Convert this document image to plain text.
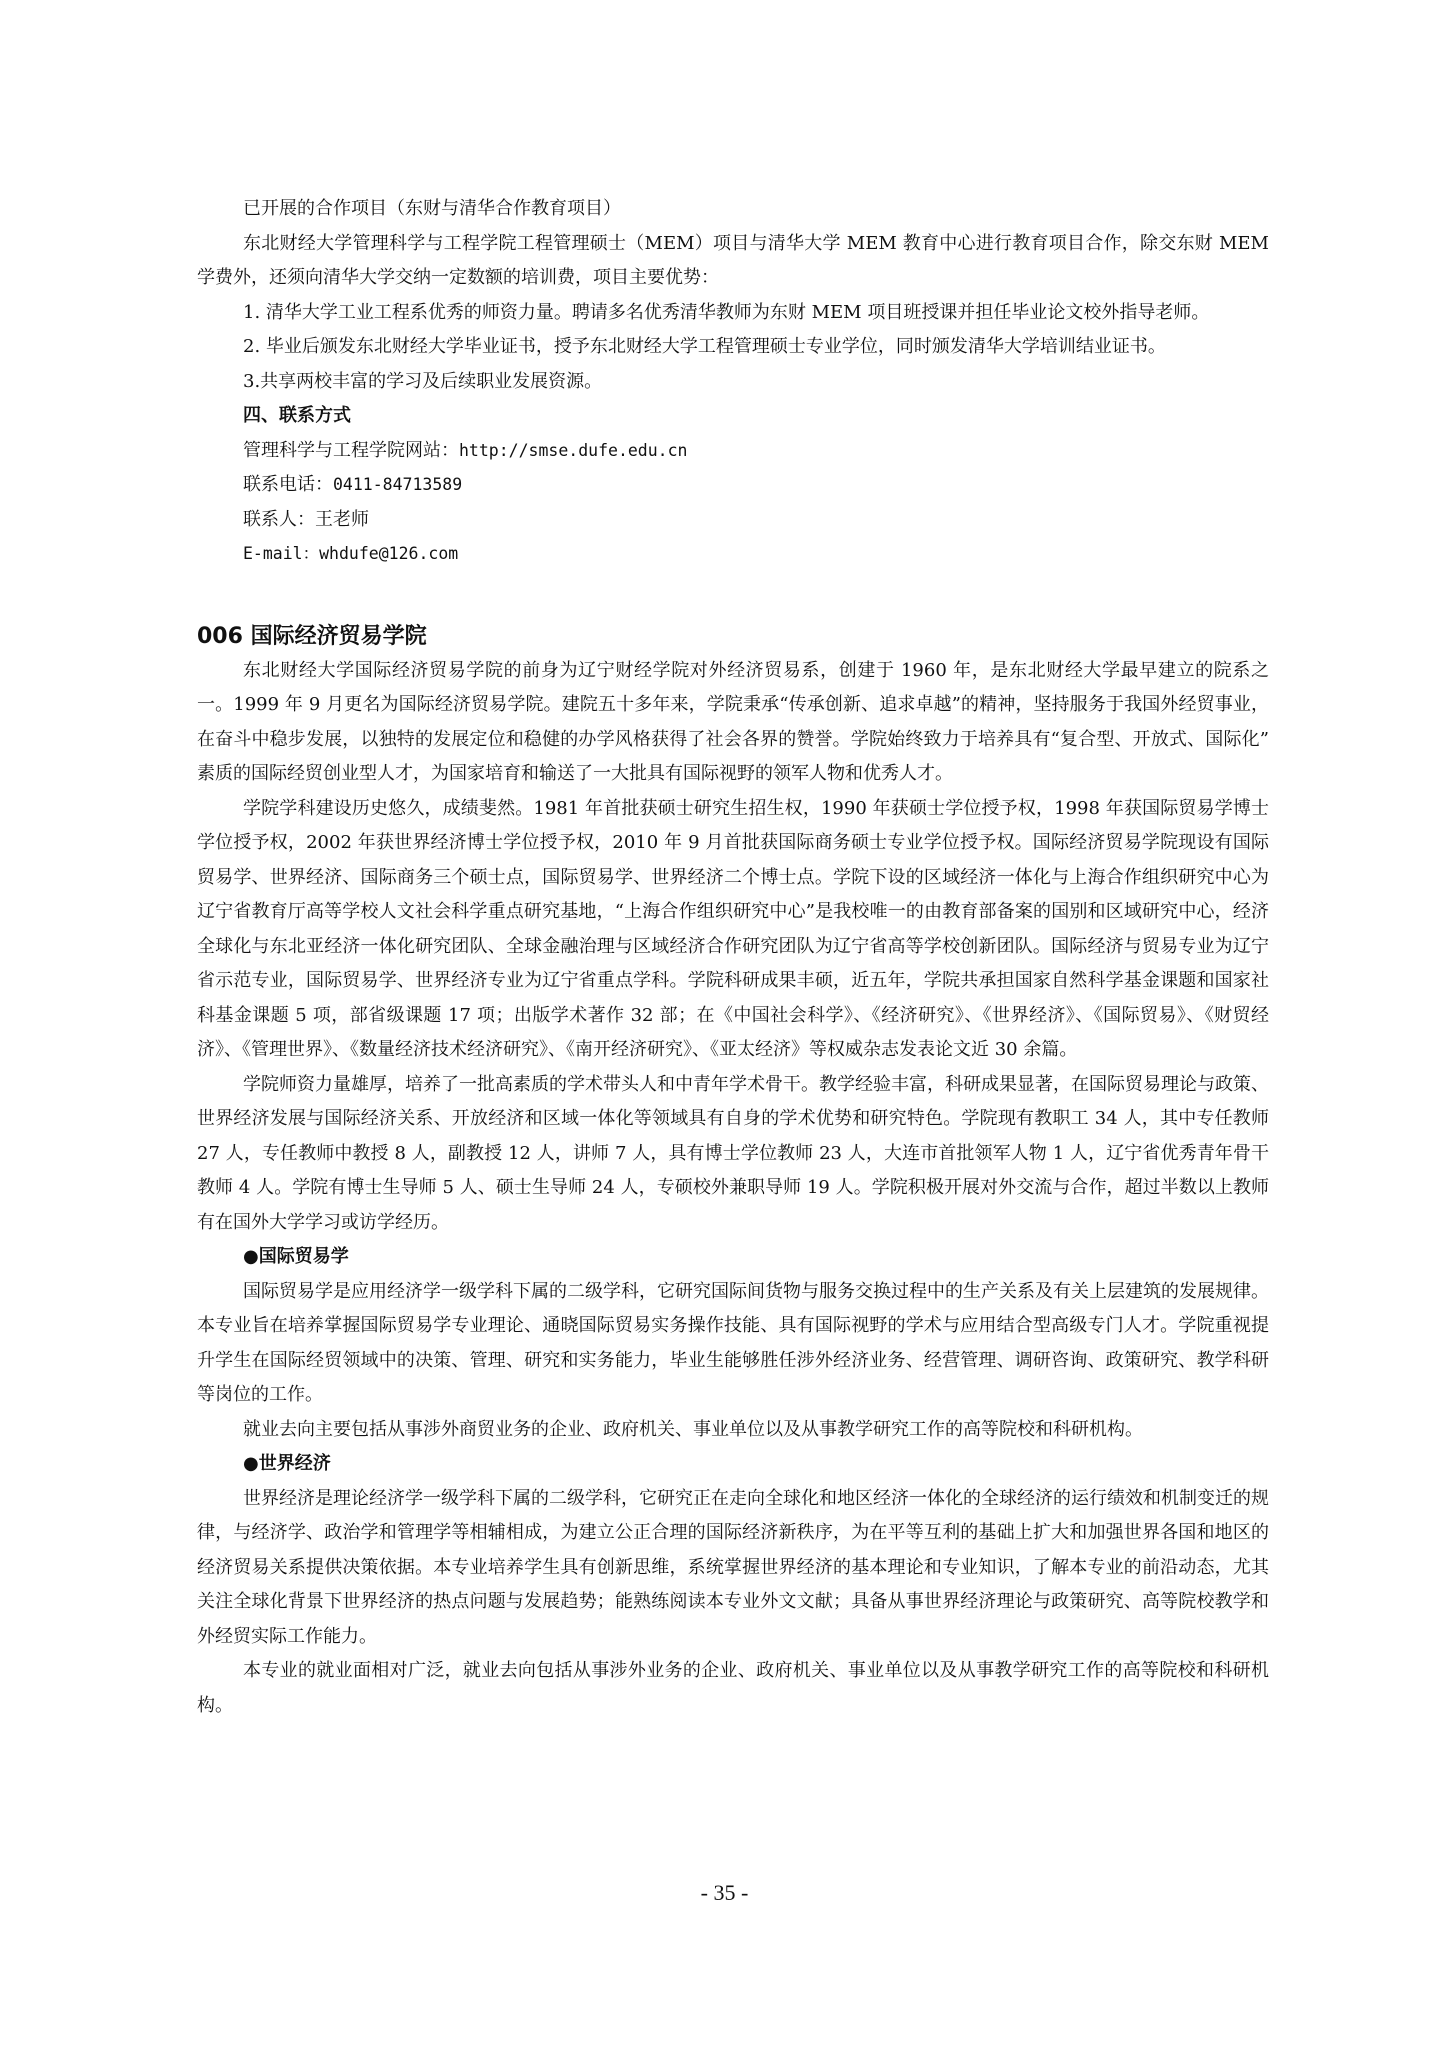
已开展的合作项目（东财与清华合作教育项目）

东北财经大学管理科学与工程学院工程管理硕士（MEM）项目与清华大学 MEM 教育中心进行教育项目合作，除交东财 MEM 学费外，还须向清华大学交纳一定数额的培训费，项目主要优势：

1. 清华大学工业工程系优秀的师资力量。聘请多名优秀清华教师为东财 MEM 项目班授课并担任毕业论文校外指导老师。

2. 毕业后颁发东北财经大学毕业证书，授予东北财经大学工程管理硕士专业学位，同时颁发清华大学培训结业证书。

3.共享两校丰富的学习及后续职业发展资源。

四、联系方式

管理科学与工程学院网站：http://smse.dufe.edu.cn

联系电话：0411-84713589

联系人：王老师

E-mail：whdufe@126.com

006 国际经济贸易学院

东北财经大学国际经济贸易学院的前身为辽宁财经学院对外经济贸易系，创建于 1960 年，是东北财经大学最早建立的院系之一。1999 年 9 月更名为国际经济贸易学院。建院五十多年来，学院秉承“传承创新、追求卓越”的精神，坚持服务于我国外经贸事业，在奋斗中稳步发展，以独特的发展定位和稳健的办学风格获得了社会各界的赞誉。学院始终致力于培养具有“复合型、开放式、国际化” 素质的国际经贸创业型人才，为国家培育和输送了一大批具有国际视野的领军人物和优秀人才。

学院学科建设历史悠久，成绩斐然。1981 年首批获硕士研究生招生权，1990 年获硕士学位授予权，1998 年获国际贸易学博士学位授予权，2002 年获世界经济博士学位授予权，2010 年 9 月首批获国际商务硕士专业学位授予权。国际经济贸易学院现设有国际贸易学、世界经济、国际商务三个硕士点，国际贸易学、世界经济二个博士点。学院下设的区域经济一体化与上海合作组织研究中心为辽宁省教育厅高等学校人文社会科学重点研究基地，“上海合作组织研究中心”是我校唯一的由教育部备案的国别和区域研究中心，经济全球化与东北亚经济一体化研究团队、全球金融治理与区域经济合作研究团队为辽宁省高等学校创新团队。国际经济与贸易专业为辽宁省示范专业，国际贸易学、世界经济专业为辽宁省重点学科。学院科研成果丰硕，近五年，学院共承担国家自然科学基金课题和国家社科基金课题 5 项，部省级课题 17 项；出版学术著作 32 部；在《中国社会科学》、《经济研究》、《世界经济》、《国际贸易》、《财贸经济》、《管理世界》、《数量经济技术经济研究》、《南开经济研究》、《亚太经济》等权威杂志发表论文近 30 余篇。

学院师资力量雄厚，培养了一批高素质的学术带头人和中青年学术骨干。教学经验丰富，科研成果显著，在国际贸易理论与政策、世界经济发展与国际经济关系、开放经济和区域一体化等领域具有自身的学术优势和研究特色。学院现有教职工 34 人，其中专任教师 27 人，专任教师中教授 8 人，副教授 12 人，讲师 7 人，具有博士学位教师 23 人，大连市首批领军人物 1 人，辽宁省优秀青年骨干教师 4 人。学院有博士生导师 5 人、硕士生导师 24 人，专硕校外兼职导师 19 人。学院积极开展对外交流与合作，超过半数以上教师有在国外大学学习或访学经历。

●国际贸易学

国际贸易学是应用经济学一级学科下属的二级学科，它研究国际间货物与服务交换过程中的生产关系及有关上层建筑的发展规律。本专业旨在培养掌握国际贸易学专业理论、通晓国际贸易实务操作技能、具有国际视野的学术与应用结合型高级专门人才。学院重视提升学生在国际经贸领域中的决策、管理、研究和实务能力，毕业生能够胜任涉外经济业务、经营管理、调研咨询、政策研究、教学科研等岗位的工作。

就业去向主要包括从事涉外商贸业务的企业、政府机关、事业单位以及从事教学研究工作的高等院校和科研机构。

●世界经济

世界经济是理论经济学一级学科下属的二级学科，它研究正在走向全球化和地区经济一体化的全球经济的运行绩效和机制变迁的规律，与经济学、政治学和管理学等相辅相成，为建立公正合理的国际经济新秩序，为在平等互利的基础上扩大和加强世界各国和地区的经济贸易关系提供决策依据。本专业培养学生具有创新思维，系统掌握世界经济的基本理论和专业知识，了解本专业的前沿动态，尤其关注全球化背景下世界经济的热点问题与发展趋势；能熟练阅读本专业外文文献；具备从事世界经济理论与政策研究、高等院校教学和外经贸实际工作能力。

本专业的就业面相对广泛，就业去向包括从事涉外业务的企业、政府机关、事业单位以及从事教学研究工作的高等院校和科研机构。

- 35 -
